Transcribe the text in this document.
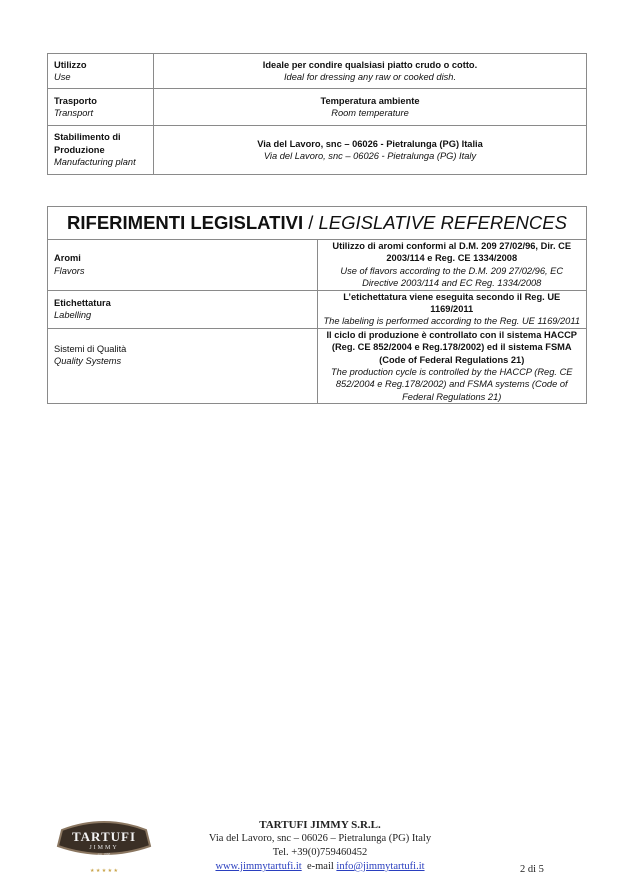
Utilizzo
Use	Ideale per condire qualsiasi piatto crudo o cotto.
Ideal for dressing any raw or cooked dish.

Trasporto
Transport	Temperatura ambiente
Room temperature

Stabilimento di Produzione
Manufacturing plant	Via del Lavoro, snc – 06026 - Pietralunga (PG) Italia
Via del Lavoro, snc – 06026 - Pietralunga (PG) Italy
RIFERIMENTI LEGISLATIVI / LEGISLATIVE REFERENCES	

Aromi
Flavors	Utilizzo di aromi conformi al D.M. 209 27/02/96, Dir. CE 2003/114 e Reg. CE 1334/2008
Use of flavors according to the D.M. 209 27/02/96, EC Directive 2003/114 and EC Reg. 1334/2008

Etichettatura
Labelling	L’etichettatura viene eseguita secondo il Reg. UE 1169/2011
The labeling is performed according to the Reg. UE 1169/2011

Sistemi di Qualità
Quality Systems	Il ciclo di produzione è controllato con il sistema HACCP (Reg. CE 852/2004 e Reg.178/2002) ed il sistema FSMA (Code of Federal Regulations 21)
The production cycle is controlled by the HACCP (Reg. CE 852/2004 e Reg.178/2002) and FSMA systems (Code of Federal Regulations 21)
TARTUFI
JIMMY
est. 1968
★ ★ ★ ★ ★
TARTUFI JIMMY S.R.L.
Via del Lavoro, snc – 06026 – Pietralunga (PG) Italy
Tel. +39(0)759460452
www.jimmytartufi.it e-mail info@jimmytartufi.it	2 di 5
